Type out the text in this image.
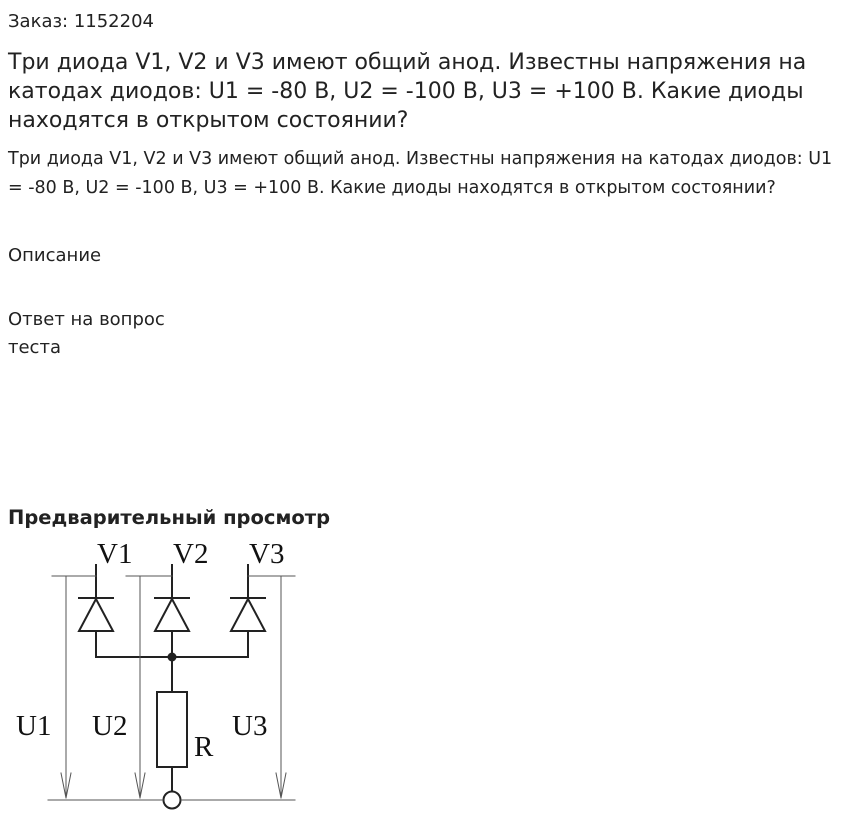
Заказ: 1152204
Три диода V1, V2 и V3 имеют общий анод. Известны напряжения на катодах диодов: U1 = -80 В, U2 = -100 В, U3 = +100 В. Какие диоды находятся в открытом состоянии?

Три диода V1, V2 и V3 имеют общий анод. Известны напряжения на катодах диодов: U1 = -80 В, U2 = -100 В, U3 = +100 В. Какие диоды находятся в открытом состоянии?

Описание
Ответ на вопрос теста
Предварительный просмотр
V1 V2 V3
U1 U2	U3
R
